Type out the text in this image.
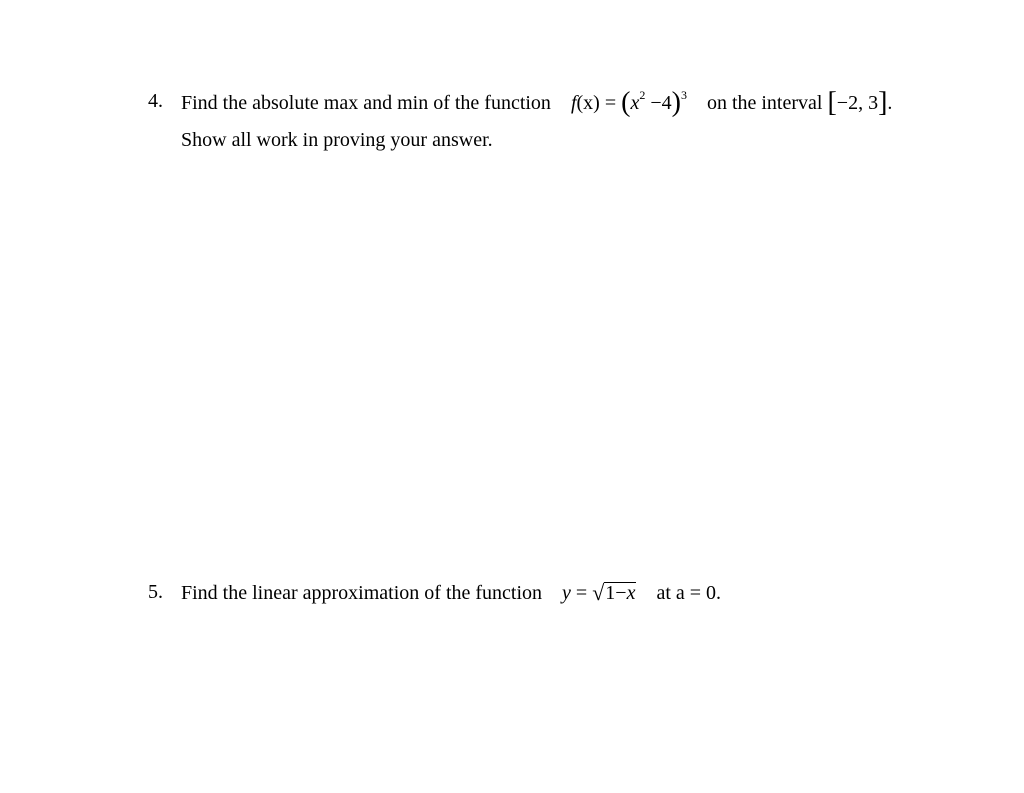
4. Find the absolute max and min of the function $f(x) = (x^2 -4)^3$ on the interval [−2, 3].
Show all work in proving your answer.
5. Find the linear approximation of the function y = √1−x at a = 0.
